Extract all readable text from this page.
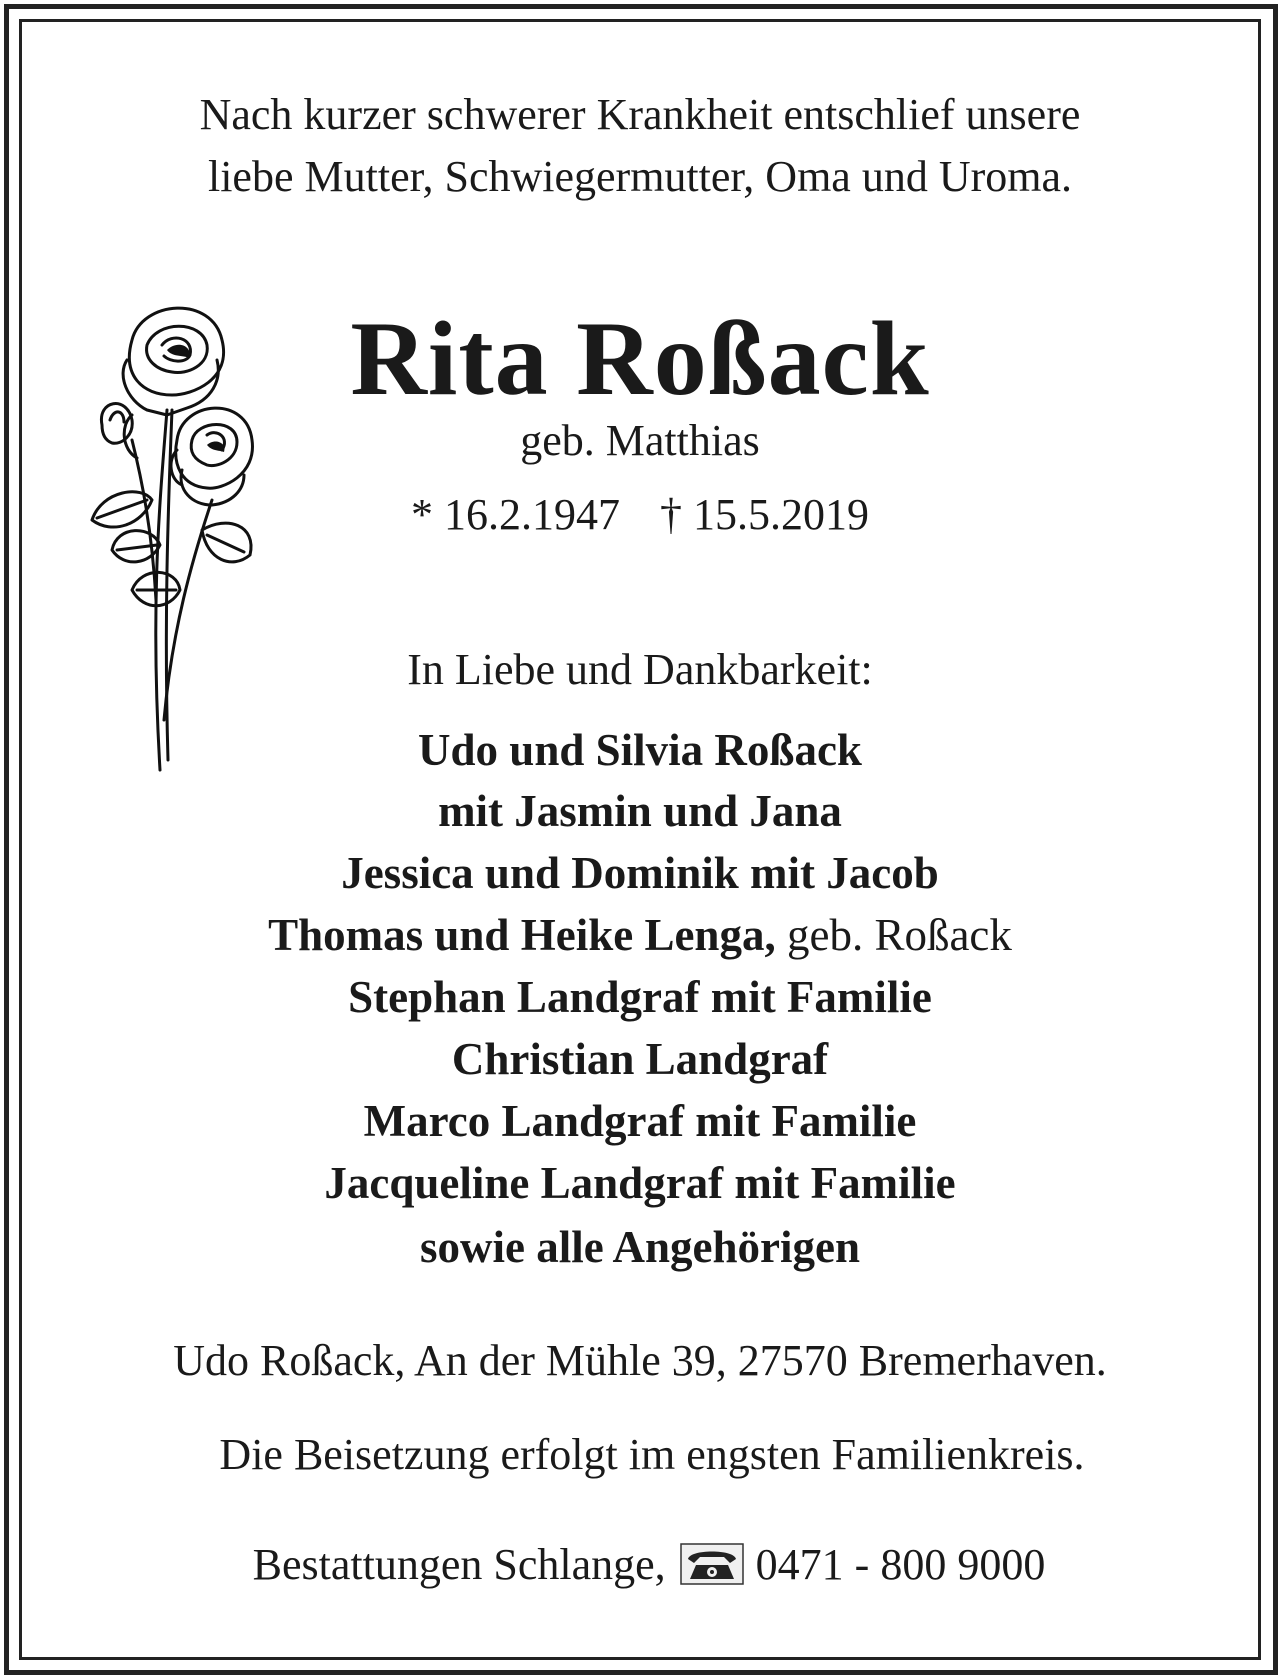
Nach kurzer schwerer Krankheit entschlief unsere
liebe Mutter, Schwiegermutter, Oma und Uroma.
Rita Roßack
geb. Matthias
* 16.2.1947 † 15.5.2019
In Liebe und Dankbarkeit:
Udo und Silvia Roßack
mit Jasmin und Jana
Jessica und Dominik mit Jacob
Thomas und Heike Lenga, geb. Roßack
Stephan Landgraf mit Familie
Christian Landgraf
Marco Landgraf mit Familie
Jacqueline Landgraf mit Familie
sowie alle Angehörigen
Udo Roßack, An der Mühle 39, 27570 Bremerhaven.
Die Beisetzung erfolgt im engsten Familienkreis.
Bestattungen Schlange, 0471 - 800 9000
